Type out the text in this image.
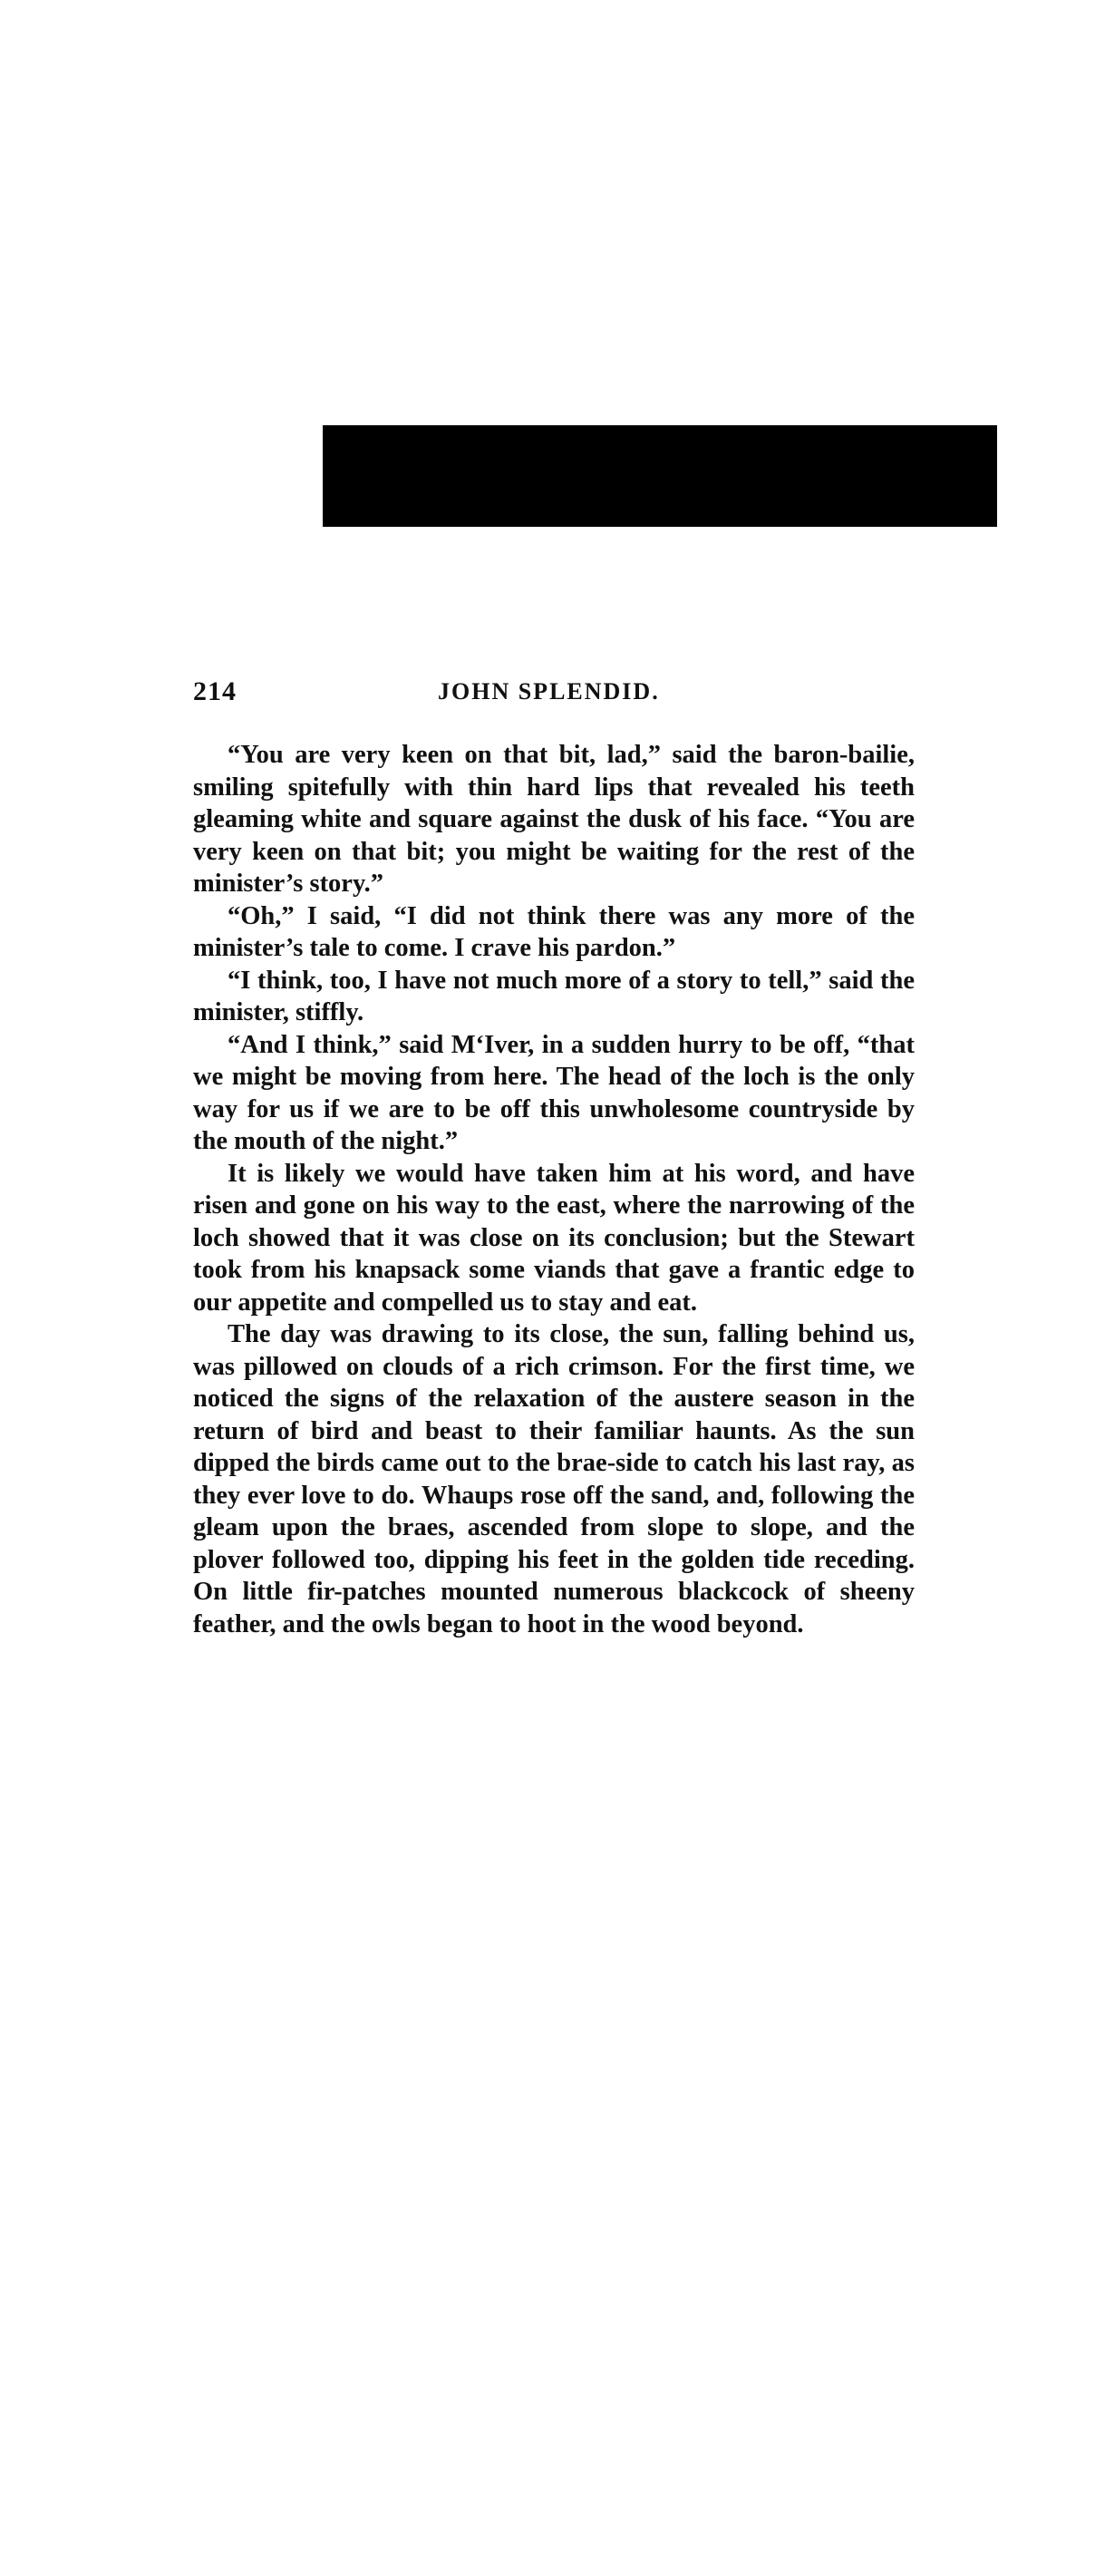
214	JOHN SPLENDID.

“You are very keen on that bit, lad,” said the baron-bailie, smiling spitefully with thin hard lips that revealed his teeth gleaming white and square against the dusk of his face. “You are very keen on that bit; you might be waiting for the rest of the minister’s story.”

“Oh,” I said, “I did not think there was any more of the minister’s tale to come. I crave his pardon.”

“I think, too, I have not much more of a story to tell,” said the minister, stiffly.

“And I think,” said M‘Iver, in a sudden hurry to be off, “that we might be moving from here. The head of the loch is the only way for us if we are to be off this unwholesome countryside by the mouth of the night.”

It is likely we would have taken him at his word, and have risen and gone on his way to the east, where the narrowing of the loch showed that it was close on its conclusion; but the Stewart took from his knapsack some viands that gave a frantic edge to our appetite and compelled us to stay and eat.

The day was drawing to its close, the sun, falling behind us, was pillowed on clouds of a rich crimson. For the first time, we noticed the signs of the relaxation of the austere season in the return of bird and beast to their familiar haunts. As the sun dipped the birds came out to the brae-side to catch his last ray, as they ever love to do. Whaups rose off the sand, and, following the gleam upon the braes, ascended from slope to slope, and the plover followed too, dipping his feet in the golden tide receding. On little fir-patches mounted numerous blackcock of sheeny feather, and the owls began to hoot in the wood beyond.
